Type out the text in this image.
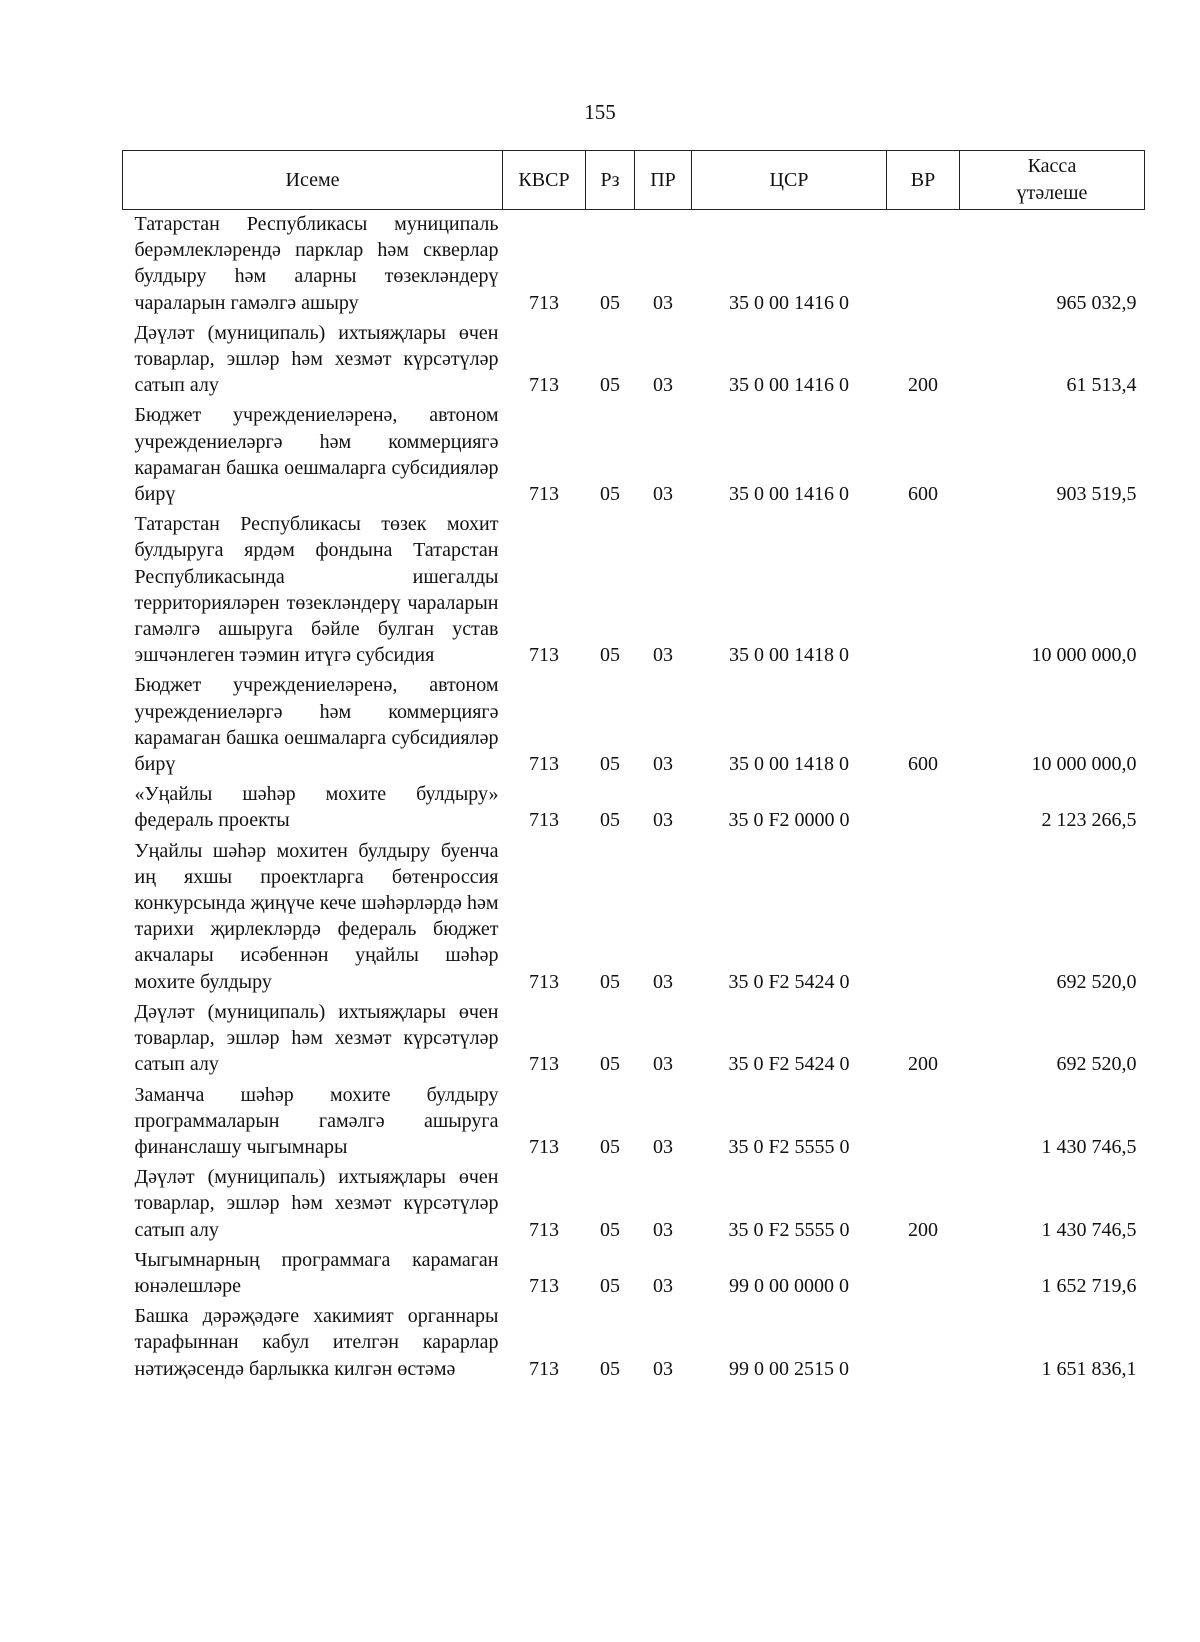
155
Исеме	КВСР	Рз	ПР	ЦСР	ВР	Касса
үтәлеше

Татарстан Республикасы муниципаль берәмлекләрендә парклар һәм скверлар булдыру һәм аларны төзекләндерү чараларын гамәлгә ашыру	713	05	03	35 0 00 1416 0		965 032,9
Дәүләт (муниципаль) ихтыяҗлары өчен товарлар, эшләр һәм хезмәт күрсәтүләр сатып алу	713	05	03	35 0 00 1416 0	200	61 513,4
Бюджет учреждениеләренә, автоном учреждениеләргә һәм коммерциягә карамаган башка оешмаларга субсидияләр бирү	713	05	03	35 0 00 1416 0	600	903 519,5
Татарстан Республикасы төзек мохит булдыруга ярдәм фондына Татарстан Республикасында ишегалды территорияләрен төзекләндерү чараларын гамәлгә ашыруга бәйле булган устав эшчәнлеген тәэмин итүгә субсидия	713	05	03	35 0 00 1418 0		10 000 000,0
Бюджет учреждениеләренә, автоном учреждениеләргә һәм коммерциягә карамаган башка оешмаларга субсидияләр бирү	713	05	03	35 0 00 1418 0	600	10 000 000,0
«Уңайлы шәһәр мохите булдыру» федераль проекты	713	05	03	35 0 F2 0000 0		2 123 266,5
Уңайлы шәһәр мохитен булдыру буенча иң яхшы проектларга бөтенроссия конкурсында җиңүче кече шәһәрләрдә һәм тарихи җирлекләрдә федераль бюджет акчалары исәбеннән уңайлы шәһәр мохите булдыру	713	05	03	35 0 F2 5424 0		692 520,0
Дәүләт (муниципаль) ихтыяҗлары өчен товарлар, эшләр һәм хезмәт күрсәтүләр сатып алу	713	05	03	35 0 F2 5424 0	200	692 520,0
Заманча шәһәр мохите булдыру программаларын гамәлгә ашыруга финанслашу чыгымнары	713	05	03	35 0 F2 5555 0		1 430 746,5
Дәүләт (муниципаль) ихтыяҗлары өчен товарлар, эшләр һәм хезмәт күрсәтүләр сатып алу	713	05	03	35 0 F2 5555 0	200	1 430 746,5
Чыгымнарның программага карамаган юнәлешләре	713	05	03	99 0 00 0000 0		1 652 719,6
Башка дәрәҗәдәге хакимият органнары тарафыннан кабул ителгән карарлар нәтиҗәсендә барлыкка килгән өстәмә	713	05	03	99 0 00 2515 0		1 651 836,1
